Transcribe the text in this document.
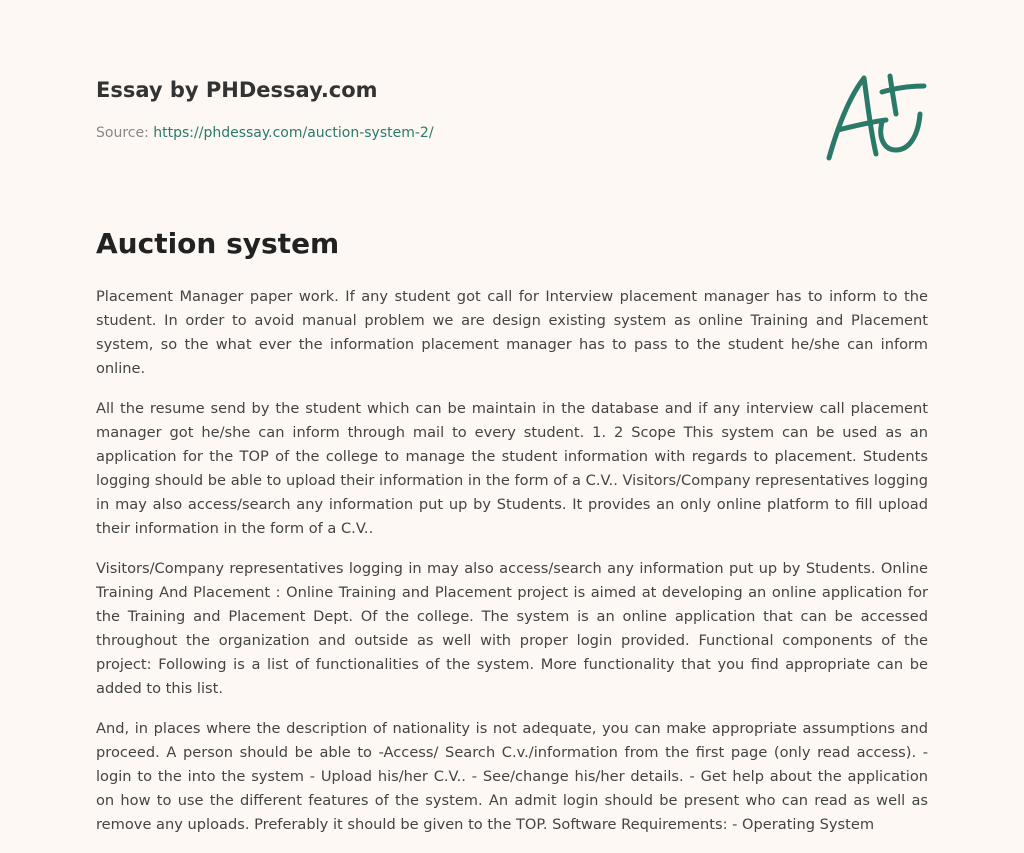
Essay by PHDessay.com
Source: https://phdessay.com/auction-system-2/
Auction system

Placement Manager paper work. If any student got call for Interview placement manager has to inform to the student. In order to avoid manual problem we are design existing system as online Training and Placement system, so the what ever the information placement manager has to pass to the student he/she can inform online.

All the resume send by the student which can be maintain in the database and if any interview call placement manager got he/she can inform through mail to every student. 1. 2 Scope This system can be used as an application for the TOP of the college to manage the student information with regards to placement. Students logging should be able to upload their information in the form of a C.V.. Visitors/Company representatives logging in may also access/search any information put up by Students. It provides an only online platform to fill upload their information in the form of a C.V..

Visitors/Company representatives logging in may also access/search any information put up by Students. Online Training And Placement : Online Training and Placement project is aimed at developing an online application for the Training and Placement Dept. Of the college. The system is an online application that can be accessed throughout the organization and outside as well with proper login provided. Functional components of the project: Following is a list of functionalities of the system. More functionality that you find appropriate can be added to this list.

And, in places where the description of nationality is not adequate, you can make appropriate assumptions and proceed. A person should be able to -Access/ Search C.v./information from the first page (only read access). -login to the into the system - Upload his/her C.V.. - See/change his/her details. - Get help about the application on how to use the different features of the system. An admit login should be present who can read as well as remove any uploads. Preferably it should be given to the TOP. Software Requirements: - Operating System
